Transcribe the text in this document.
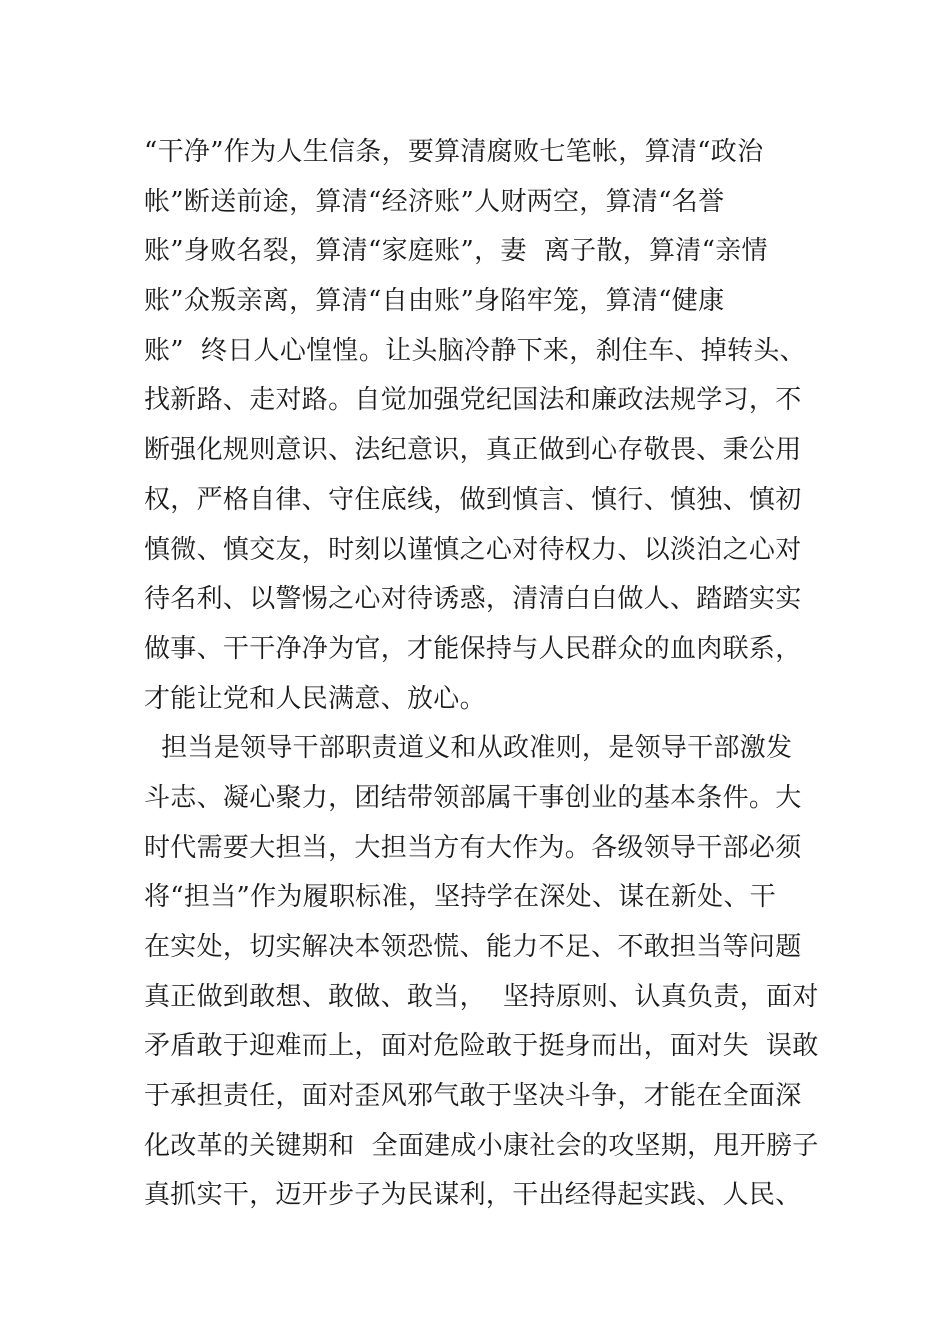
“干净”作为人生信条，要算清腐败七笔帐，算清“政治
帐”断送前途，算清“经济账”人财两空，算清“名誉
账”身败名裂，算清“家庭账”，妻  离子散，算清“亲情
账”众叛亲离，算清“自由账”身陷牢笼，算清“健康
账”  终日人心惶惶。让头脑冷静下来，刹住车、掉转头、
找新路、走对路。自觉加强党纪国法和廉政法规学习，不
断强化规则意识、法纪意识，真正做到心存敬畏、秉公用
权，严格自律、守住底线，做到慎言、慎行、慎独、慎初
慎微、慎交友，时刻以谨慎之心对待权力、以淡泊之心对
待名利、以警惕之心对待诱惑，清清白白做人、踏踏实实
做事、干干净净为官，才能保持与人民群众的血肉联系，
才能让党和人民满意、放心。
担当是领导干部职责道义和从政准则，是领导干部激发
斗志、凝心聚力，团结带领部属干事创业的基本条件。大
时代需要大担当，大担当方有大作为。各级领导干部必须
将“担当”作为履职标准，坚持学在深处、谋在新处、干
在实处，切实解决本领恐慌、能力不足、不敢担当等问题
真正做到敢想、敢做、敢当，  坚持原则、认真负责，面对
矛盾敢于迎难而上，面对危险敢于挺身而出，面对失  误敢
于承担责任，面对歪风邪气敢于坚决斗争，才能在全面深
化改革的关键期和  全面建成小康社会的攻坚期，甩开膀子
真抓实干，迈开步子为民谋利，干出经得起实践、人民、
